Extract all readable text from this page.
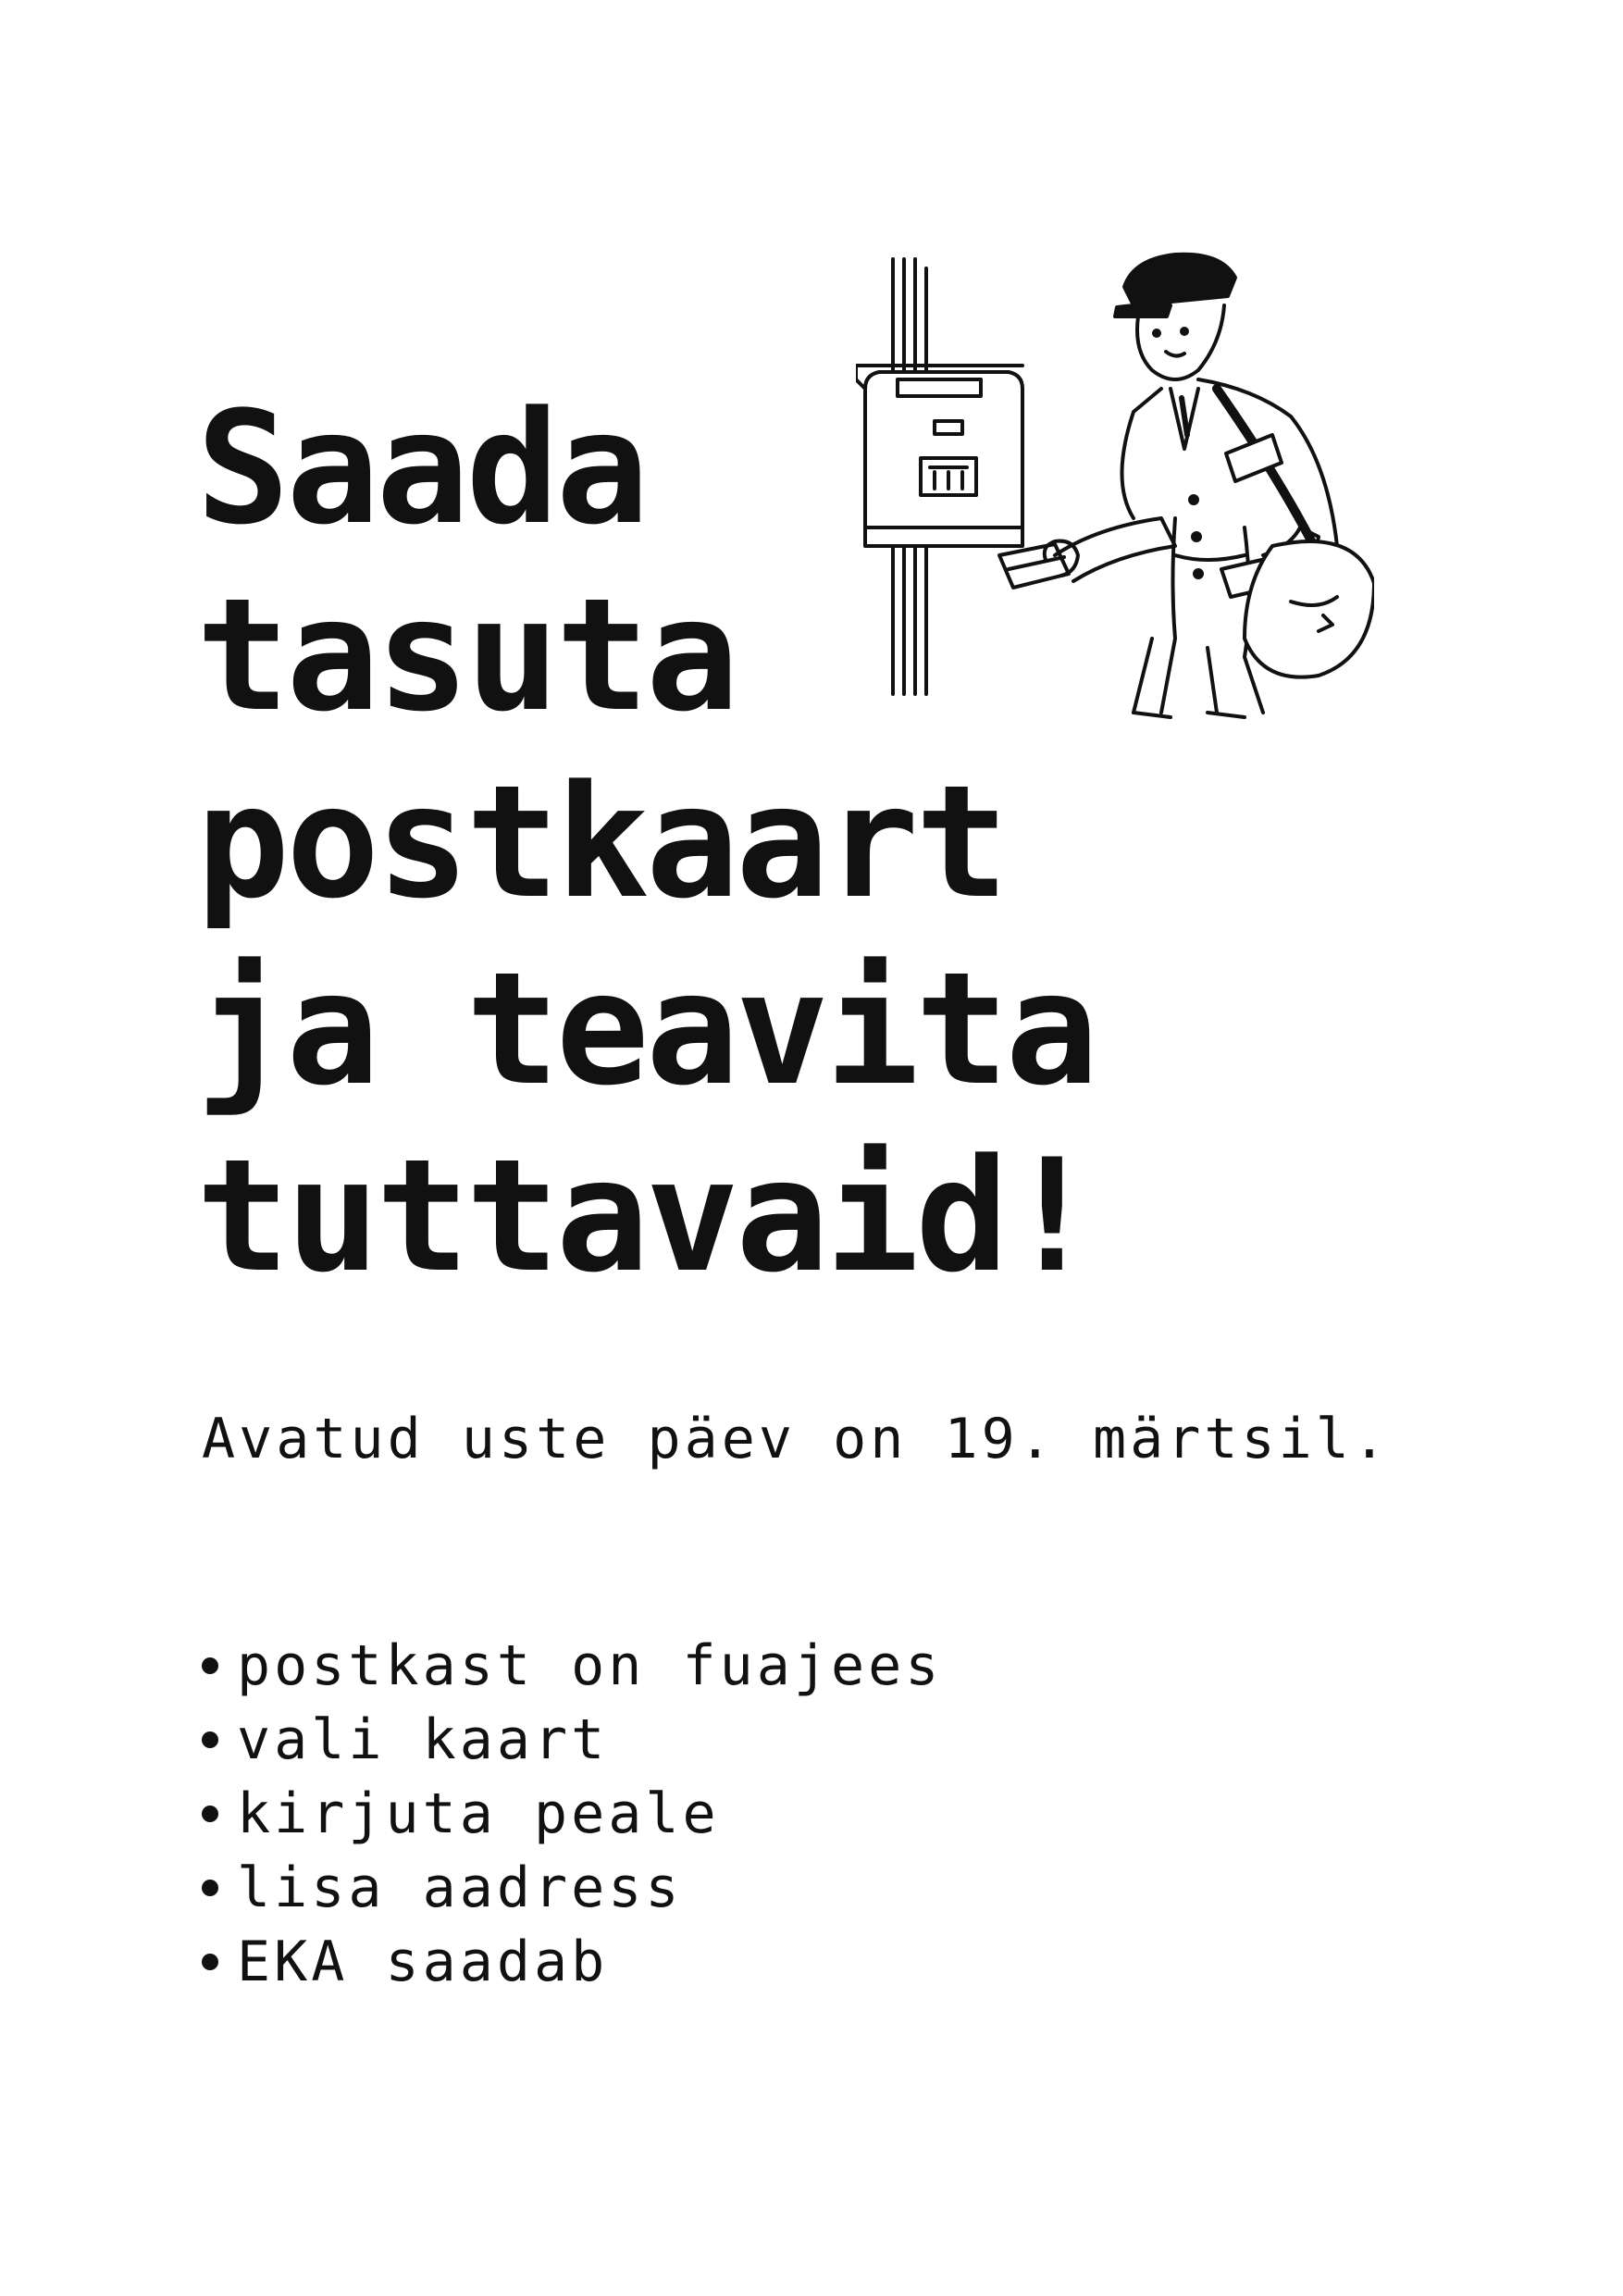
Saada
tasuta
postkaart
ja teavita
tuttavaid!

Avatud uste päev on 19. märtsil.

postkast on fuajees
vali kaart
kirjuta peale
lisa aadress
EKA saadab
